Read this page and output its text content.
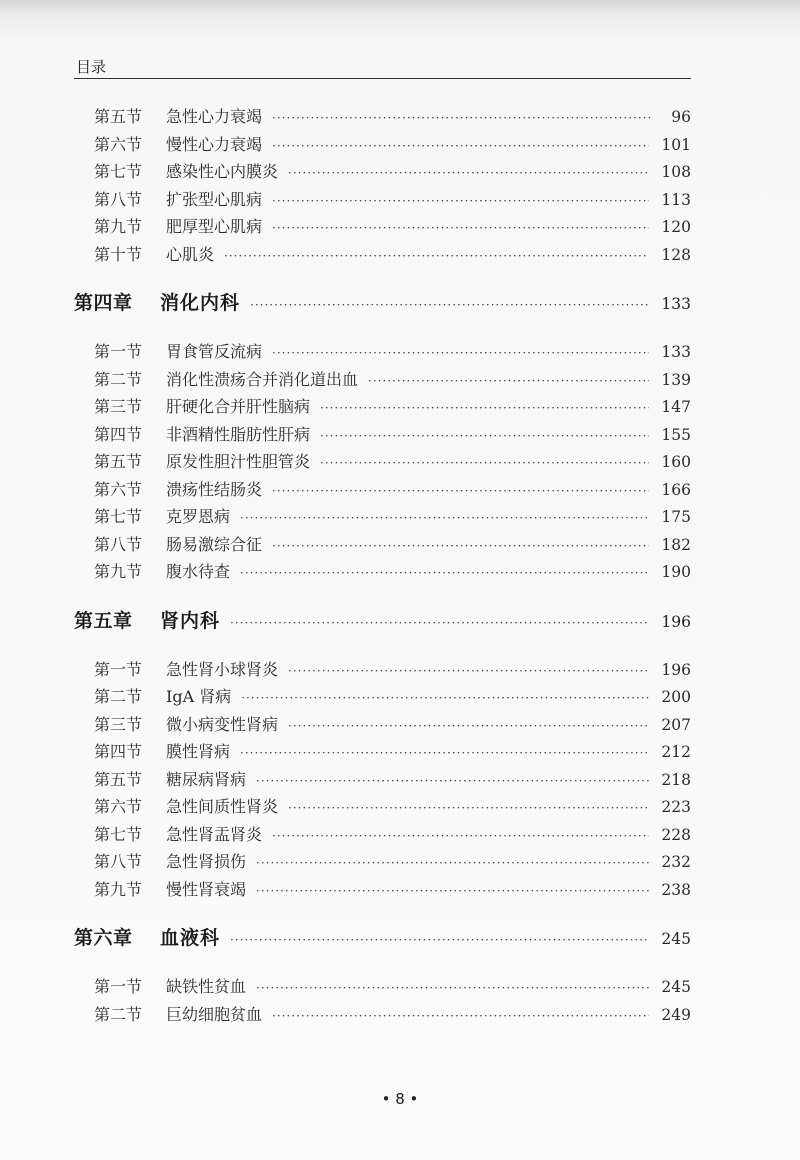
目录
第五节	急性心力衰竭 ·····	96
第六节	慢性心力衰竭 ·····	101
第七节	感染性心内膜炎 ·····	108
第八节	扩张型心肌病 ·····	113
第九节	肥厚型心肌病 ·····	120
第十节	心肌炎 ·····	128
第四章	消化内科 ·····	133
第一节	胃食管反流病 ·····	133
第二节	消化性溃疡合并消化道出血 ·····	139
第三节	肝硬化合并肝性脑病 ·····	147
第四节	非酒精性脂肪性肝病 ·····	155
第五节	原发性胆汁性胆管炎 ·····	160
第六节	溃疡性结肠炎 ·····	166
第七节	克罗恩病 ·····	175
第八节	肠易激综合征 ·····	182
第九节	腹水待查 ·····	190
第五章	肾内科 ·····	196
第一节	急性肾小球肾炎 ·····	196
第二节	IgA 肾病 ·····	200
第三节	微小病变性肾病 ·····	207
第四节	膜性肾病 ·····	212
第五节	糖尿病肾病 ·····	218
第六节	急性间质性肾炎 ·····	223
第七节	急性肾盂肾炎 ·····	228
第八节	急性肾损伤 ·····	232
第九节	慢性肾衰竭 ·····	238
第六章	血液科 ·····	245
第一节	缺铁性贫血 ·····	245
第二节	巨幼细胞贫血 ·····	249
• 8 •
